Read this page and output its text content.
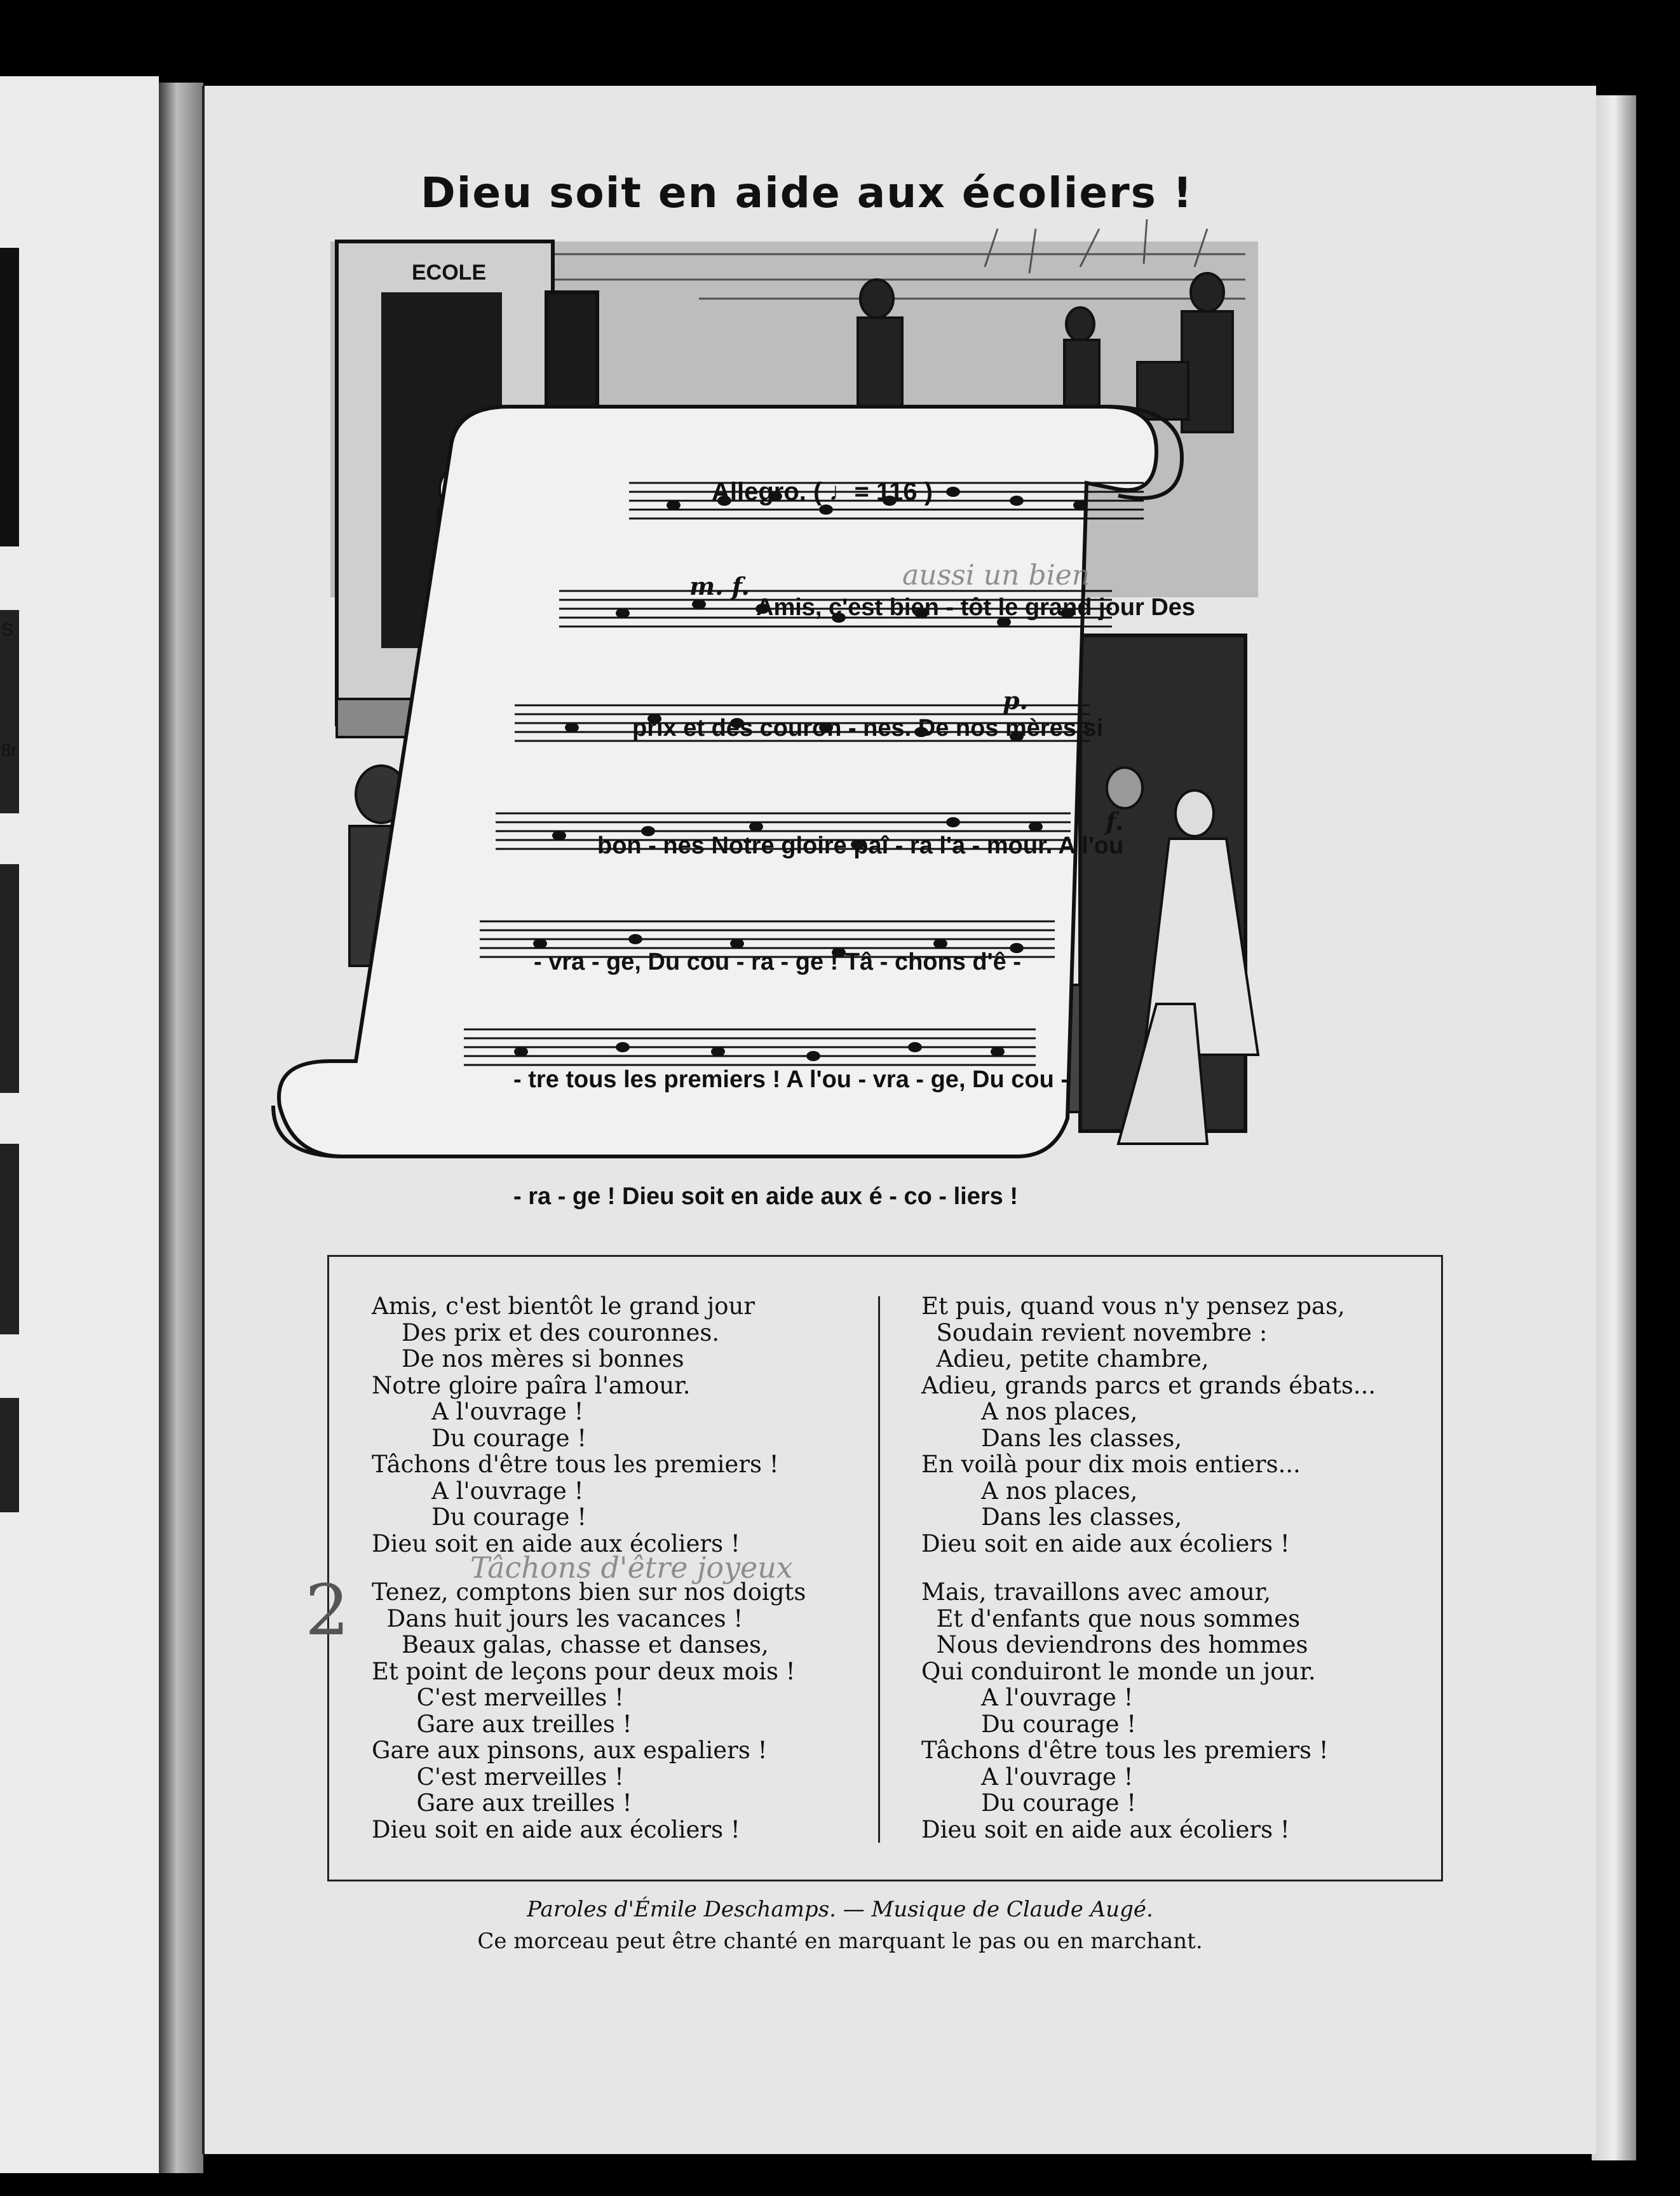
S
8r
Dieu soit en aide aux écoliers !
ECOLE
Allegro. ( ♩= 116 )
m. f.
p.
f.
aussi un bien
Amis, c'est bien - tôt le grand jour Des
prix et des couron - nes. De nos mères si
bon - nes Notre gloire paî - ra l'a - mour. A l'ou
- vra - ge, Du cou - ra - ge ! Tâ - chons d'ê -
- tre tous les premiers ! A l'ou - vra - ge, Du cou -
- ra - ge ! Dieu soit en aide aux é - co - liers !
Amis, c'est bientôt le grand jour
Des prix et des couronnes.
De nos mères si bonnes
Notre gloire paîra l'amour.
A l'ouvrage !
Du courage !
Tâchons d'être tous les premiers !
A l'ouvrage !
Du courage !
Dieu soit en aide aux écoliers !
Tenez, comptons bien sur nos doigts
Dans huit jours les vacances !
Beaux galas, chasse et danses,
Et point de leçons pour deux mois !
C'est merveilles !
Gare aux treilles !
Gare aux pinsons, aux espaliers !
C'est merveilles !
Gare aux treilles !
Dieu soit en aide aux écoliers !
Et puis, quand vous n'y pensez pas,
Soudain revient novembre :
Adieu, petite chambre,
Adieu, grands parcs et grands ébats...
A nos places,
Dans les classes,
En voilà pour dix mois entiers...
A nos places,
Dans les classes,
Dieu soit en aide aux écoliers !
Mais, travaillons avec amour,
Et d'enfants que nous sommes
Nous deviendrons des hommes
Qui conduiront le monde un jour.
A l'ouvrage !
Du courage !
Tâchons d'être tous les premiers !
A l'ouvrage !
Du courage !
Dieu soit en aide aux écoliers !
2
Tâchons d'être joyeux
Paroles d'Émile Deschamps. — Musique de Claude Augé.
Ce morceau peut être chanté en marquant le pas ou en marchant.
